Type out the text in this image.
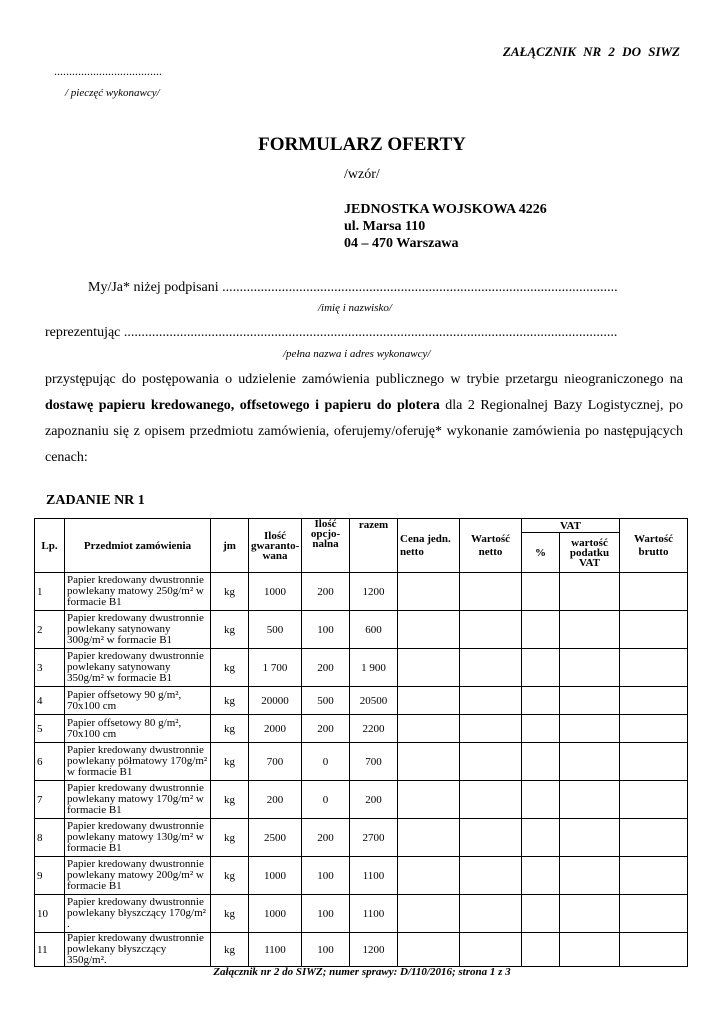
ZAŁĄCZNIK NR 2 DO SIWZ
....................................
/ pieczęć wykonawcy/
FORMULARZ OFERTY
/wzór/
JEDNOSTKA WOJSKOWA 4226
ul. Marsa 110
04 – 470 Warszawa
My/Ja* niżej podpisani .................................................................................................................
/imię i nazwisko/
reprezentując .............................................................................................................................................
/pełna nazwa i adres wykonawcy/
przystępując do postępowania o udzielenie zamówienia publicznego w trybie przetargu nieograniczonego na dostawę papieru kredowanego, offsetowego i papieru do plotera dla 2 Regionalnej Bazy Logistycznej, po zapoznaniu się z opisem przedmiotu zamówienia, oferujemy/oferuję* wykonanie zamówienia po następujących cenach:
ZADANIE NR 1
Lp.	Przedmiot zamówienia	jm	Ilość gwaranto-wana	Ilość opcjo-nalna	razem	Cena jedn. netto	Wartość netto	VAT		Wartość brutto
								%	wartość podatku VAT	
1	Papier kredowany dwustronnie powlekany matowy 250g/m² w formacie B1	kg	1000	200	1200					
2	Papier kredowany dwustronnie powlekany satynowany 300g/m² w formacie B1	kg	500	100	600					
3	Papier kredowany dwustronnie powlekany satynowany 350g/m² w formacie B1	kg	1 700	200	1 900					
4	Papier offsetowy 90 g/m², 70x100 cm	kg	20000	500	20500					
5	Papier offsetowy 80 g/m², 70x100 cm	kg	2000	200	2200					
6	Papier kredowany dwustronnie powlekany półmatowy 170g/m² w formacie B1	kg	700	0	700					
7	Papier kredowany dwustronnie powlekany matowy 170g/m² w formacie B1	kg	200	0	200					
8	Papier kredowany dwustronnie powlekany matowy 130g/m² w formacie B1	kg	2500	200	2700					
9	Papier kredowany dwustronnie powlekany matowy 200g/m² w formacie B1	kg	1000	100	1100					
10	Papier kredowany dwustronnie powlekany błyszczący 170g/m² .	kg	1000	100	1100					
11	Papier kredowany dwustronnie powlekany błyszczący 350g/m².	kg	1100	100	1200					
Załącznik nr 2 do SIWZ; numer sprawy: D/110/2016; strona 1 z 3
